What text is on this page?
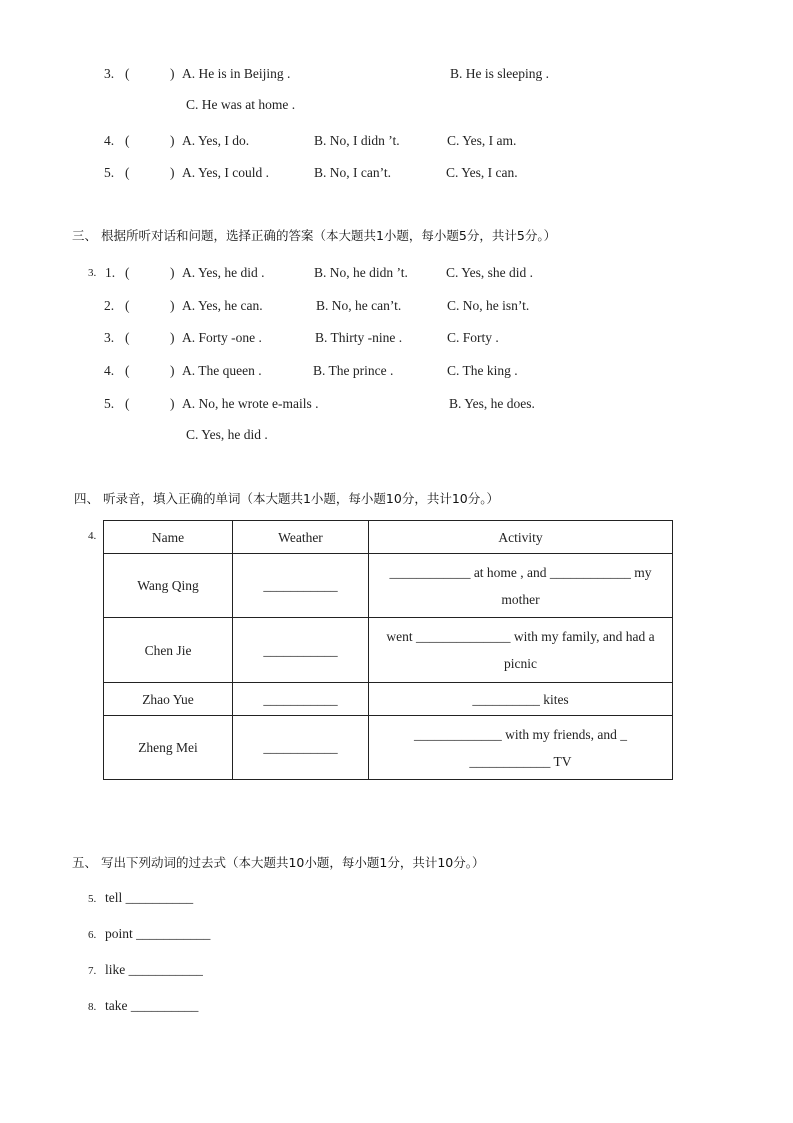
3. (	) A. He is in Beijing .	B. He is sleeping .
C. He was at home .
4. (	) A. Yes, I do.	B. No, I didn ’t.	C. Yes, I am.
5. (	) A. Yes, I could .	B. No, I can’t.	C. Yes, I can.
三、 根据所听对话和问题，选择正确的答案（本大题共1小题，每小题5分，共计5分。）
3. 1. (	) A. Yes, he did .	B. No, he didn ’t.	C. Yes, she did .
2. (	) A. Yes, he can.	B. No, he can’t.	C. No, he isn’t.
3. (	) A. Forty -one .	B. Thirty -nine .	C. Forty .
4. (	) A. The queen .	B. The prince .	C. The king .
5. (	) A. No, he wrote e-mails .	B. Yes, he does.
C. Yes, he did .
四、 听录音，填入正确的单词（本大题共1小题，每小题10分，共计10分。）
4.	Name	Weather	Activity
Wang Qing	___________	____________ at home , and ____________ my mother
Chen Jie	___________	went ______________ with my family, and had a picnic
Zhao Yue	___________	__________ kites
Zheng Mei	___________	_____________ with my friends, and _ ____________ TV
五、 写出下列动词的过去式（本大题共10小题，每小题1分，共计10分。）
5. tell __________
6. point ___________
7. like ___________
8. take __________
